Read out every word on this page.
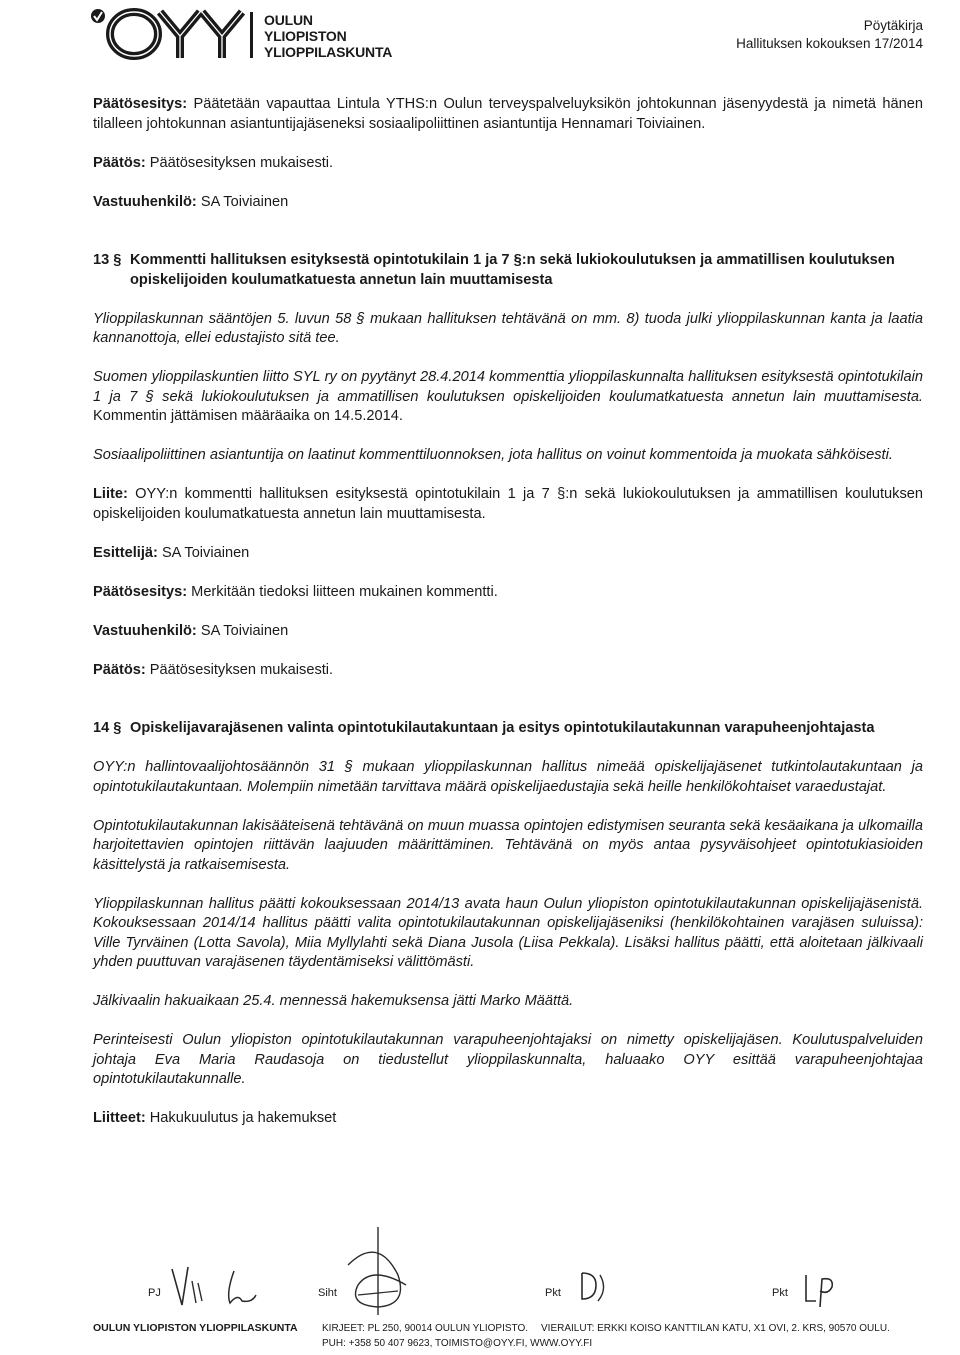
OULUN
YLIOPISTON
YLIOPPILASKUNTA
Pöytäkirja
Hallituksen kokouksen 17/2014

Päätösesitys: Päätetään vapauttaa Lintula YTHS:n Oulun terveyspalveluyksikön johtokunnan jäsenyydestä ja nimetä hänen tilalleen johtokunnan asiantuntijajäseneksi sosiaalipoliittinen asiantuntija Hennamari Toiviainen.

Päätös: Päätösesityksen mukaisesti.

Vastuuhenkilö: SA Toiviainen

13 § Kommentti hallituksen esityksestä opintotukilain 1 ja 7 §:n sekä lukiokoulutuksen ja ammatillisen koulutuksen opiskelijoiden koulumatkatuesta annetun lain muuttamisesta

Ylioppilaskunnan sääntöjen 5. luvun 58 § mukaan hallituksen tehtävänä on mm. 8) tuoda julki ylioppilaskunnan kanta ja laatia kannanottoja, ellei edustajisto sitä tee.

Suomen ylioppilaskuntien liitto SYL ry on pyytänyt 28.4.2014 kommenttia ylioppilaskunnalta hallituksen esityksestä opintotukilain 1 ja 7 § sekä lukiokoulutuksen ja ammatillisen koulutuksen opiskelijoiden koulumatkatuesta annetun lain muuttamisesta. Kommentin jättämisen määräaika on 14.5.2014.

Sosiaalipoliittinen asiantuntija on laatinut kommenttiluonnoksen, jota hallitus on voinut kommentoida ja muokata sähköisesti.

Liite: OYY:n kommentti hallituksen esityksestä opintotukilain 1 ja 7 §:n sekä lukiokoulutuksen ja ammatillisen koulutuksen opiskelijoiden koulumatkatuesta annetun lain muuttamisesta.

Esittelijä: SA Toiviainen

Päätösesitys: Merkitään tiedoksi liitteen mukainen kommentti.

Vastuuhenkilö: SA Toiviainen

Päätös: Päätösesityksen mukaisesti.

14 § Opiskelijavarajäsenen valinta opintotukilautakuntaan ja esitys opintotukilautakunnan varapuheenjohtajasta

OYY:n hallintovaalijohtosäännön 31 § mukaan ylioppilaskunnan hallitus nimeää opiskelijajäsenet tutkintolautakuntaan ja opintotukilautakuntaan. Molempiin nimetään tarvittava määrä opiskelijaedustajia sekä heille henkilökohtaiset varaedustajat.

Opintotukilautakunnan lakisääteisenä tehtävänä on muun muassa opintojen edistymisen seuranta sekä kesäaikana ja ulkomailla harjoitettavien opintojen riittävän laajuuden määrittäminen. Tehtävänä on myös antaa pysyväisohjeet opintotukiasioiden käsittelystä ja ratkaisemisesta.

Ylioppilaskunnan hallitus päätti kokouksessaan 2014/13 avata haun Oulun yliopiston opintotukilautakunnan opiskelijajäsenistä. Kokouksessaan 2014/14 hallitus päätti valita opintotukilautakunnan opiskelijajäseniksi (henkilökohtainen varajäsen suluissa): Ville Tyrväinen (Lotta Savola), Miia Myllylahti sekä Diana Jusola (Liisa Pekkala). Lisäksi hallitus päätti, että aloitetaan jälkivaali yhden puuttuvan varajäsenen täydentämiseksi välittömästi.

Jälkivaalin hakuaikaan 25.4. mennessä hakemuksensa jätti Marko Määttä.

Perinteisesti Oulun yliopiston opintotukilautakunnan varapuheenjohtajaksi on nimetty opiskelijajäsen. Koulutuspalveluiden johtaja Eva Maria Raudasoja on tiedustellut ylioppilaskunnalta, haluaako OYY esittää varapuheenjohtajaa opintotukilautakunnalle.

Liitteet: Hakukuulutus ja hakemukset

PJ	Siht	Pkt	Pkt
OULUN YLIOPISTON YLIOPPILASKUNTA KIRJEET: PL 250, 90014 OULUN YLIOPISTO. VIERAILUT: ERKKI KOISO KANTTILAN KATU, X1 OVI, 2. KRS, 90570 OULU.
PUH: +358 50 407 9623, TOIMISTO@OYY.FI, WWW.OYY.FI
